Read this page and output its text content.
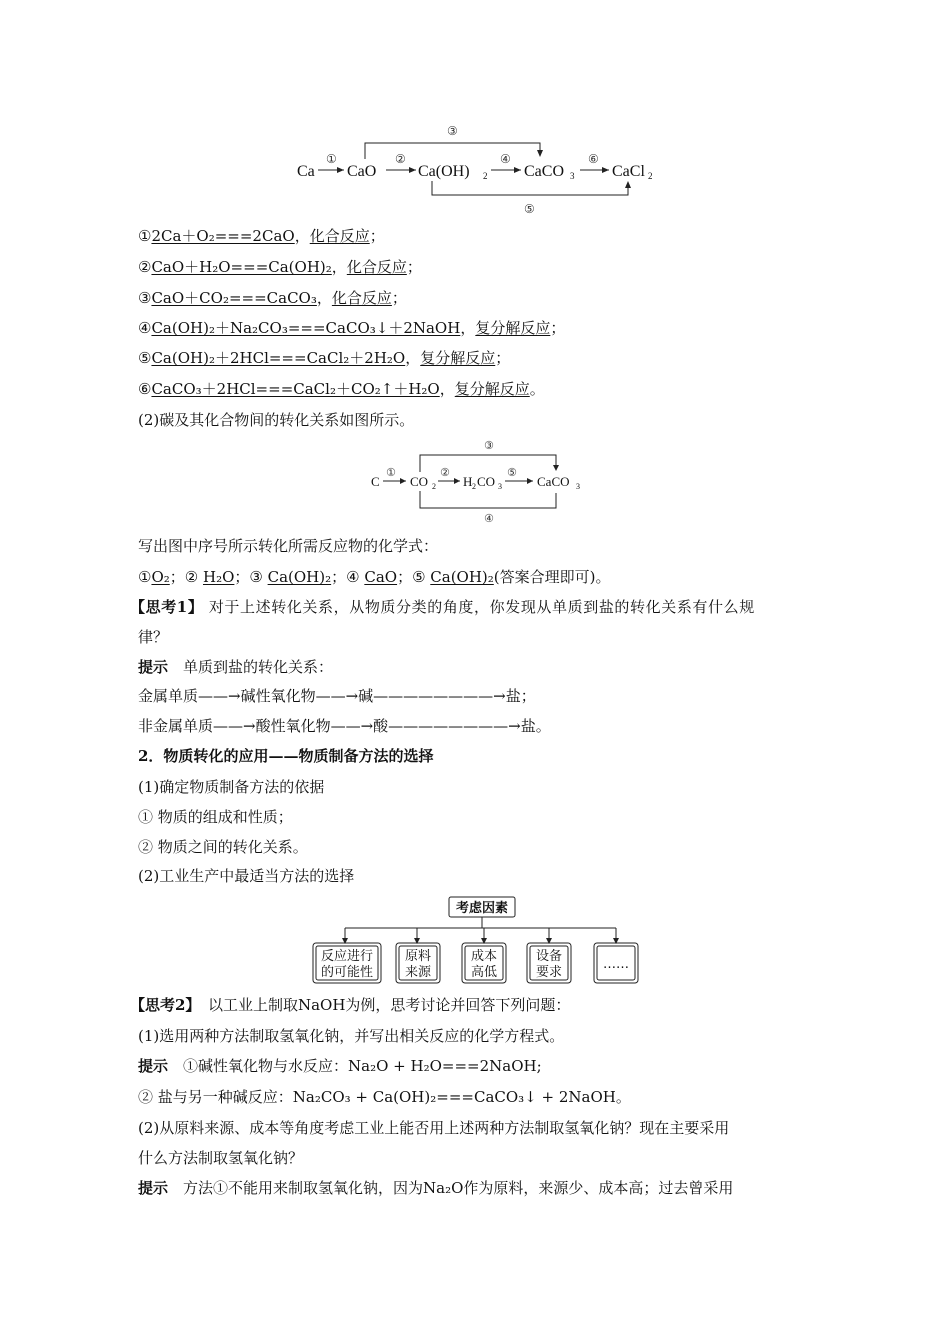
Ca CaO	Ca(OH) 2 CaCO 3 CaCl 2
①	②
③
④
⑤
⑥
①2Ca＋O₂===2CaO，化合反应；
②CaO＋H₂O===Ca(OH)₂，化合反应；
③CaO＋CO₂===CaCO₃，化合反应；
④Ca(OH)₂＋Na₂CO₃===CaCO₃↓＋2NaOH，复分解反应；
⑤Ca(OH)₂＋2HCl===CaCl₂＋2H₂O，复分解反应；
⑥CaCO₃＋2HCl===CaCl₂＋CO₂↑＋H₂O，复分解反应。
(2)碳及其化合物间的转化关系如图所示。
C CO 2 H 2 CO 3	CaCO 3
①	②
③
④
⑤
写出图中序号所示转化所需反应物的化学式：
①O₂；② H₂O；③ Ca(OH)₂；④ CaO；⑤ Ca(OH)₂(答案合理即可)。
【思考1】 对于上述转化关系，从物质分类的角度，你发现从单质到盐的转化关系有什么规
律？
提示　 单质到盐的转化关系：
金属单质——→碱性氧化物——→碱————————→盐；
非金属单质——→酸性氧化物——→酸————————→盐。
2．物质转化的应用——物质制备方法的选择
(1)确定物质制备方法的依据
① 物质的组成和性质；
② 物质之间的转化关系。
(2)工业生产中最适当方法的选择
考虑因素
反应进行
的可能性
原料
来源
成本
高低
设备
要求
……
【思考2】　 以工业上制取NaOH为例，思考讨论并回答下列问题：
(1)选用两种方法制取氢氧化钠，并写出相关反应的化学方程式。
提示　 ①碱性氧化物与水反应：Na₂O + H₂O===2NaOH;
② 盐与另一种碱反应：Na₂CO₃ + Ca(OH)₂===CaCO₃↓ + 2NaOH。
(2)从原料来源、成本等角度考虑工业上能否用上述两种方法制取氢氧化钠？现在主要采用
什么方法制取氢氧化钠？
提示　 方法①不能用来制取氢氧化钠，因为Na₂O作为原料，来源少、成本高；过去曾采用
